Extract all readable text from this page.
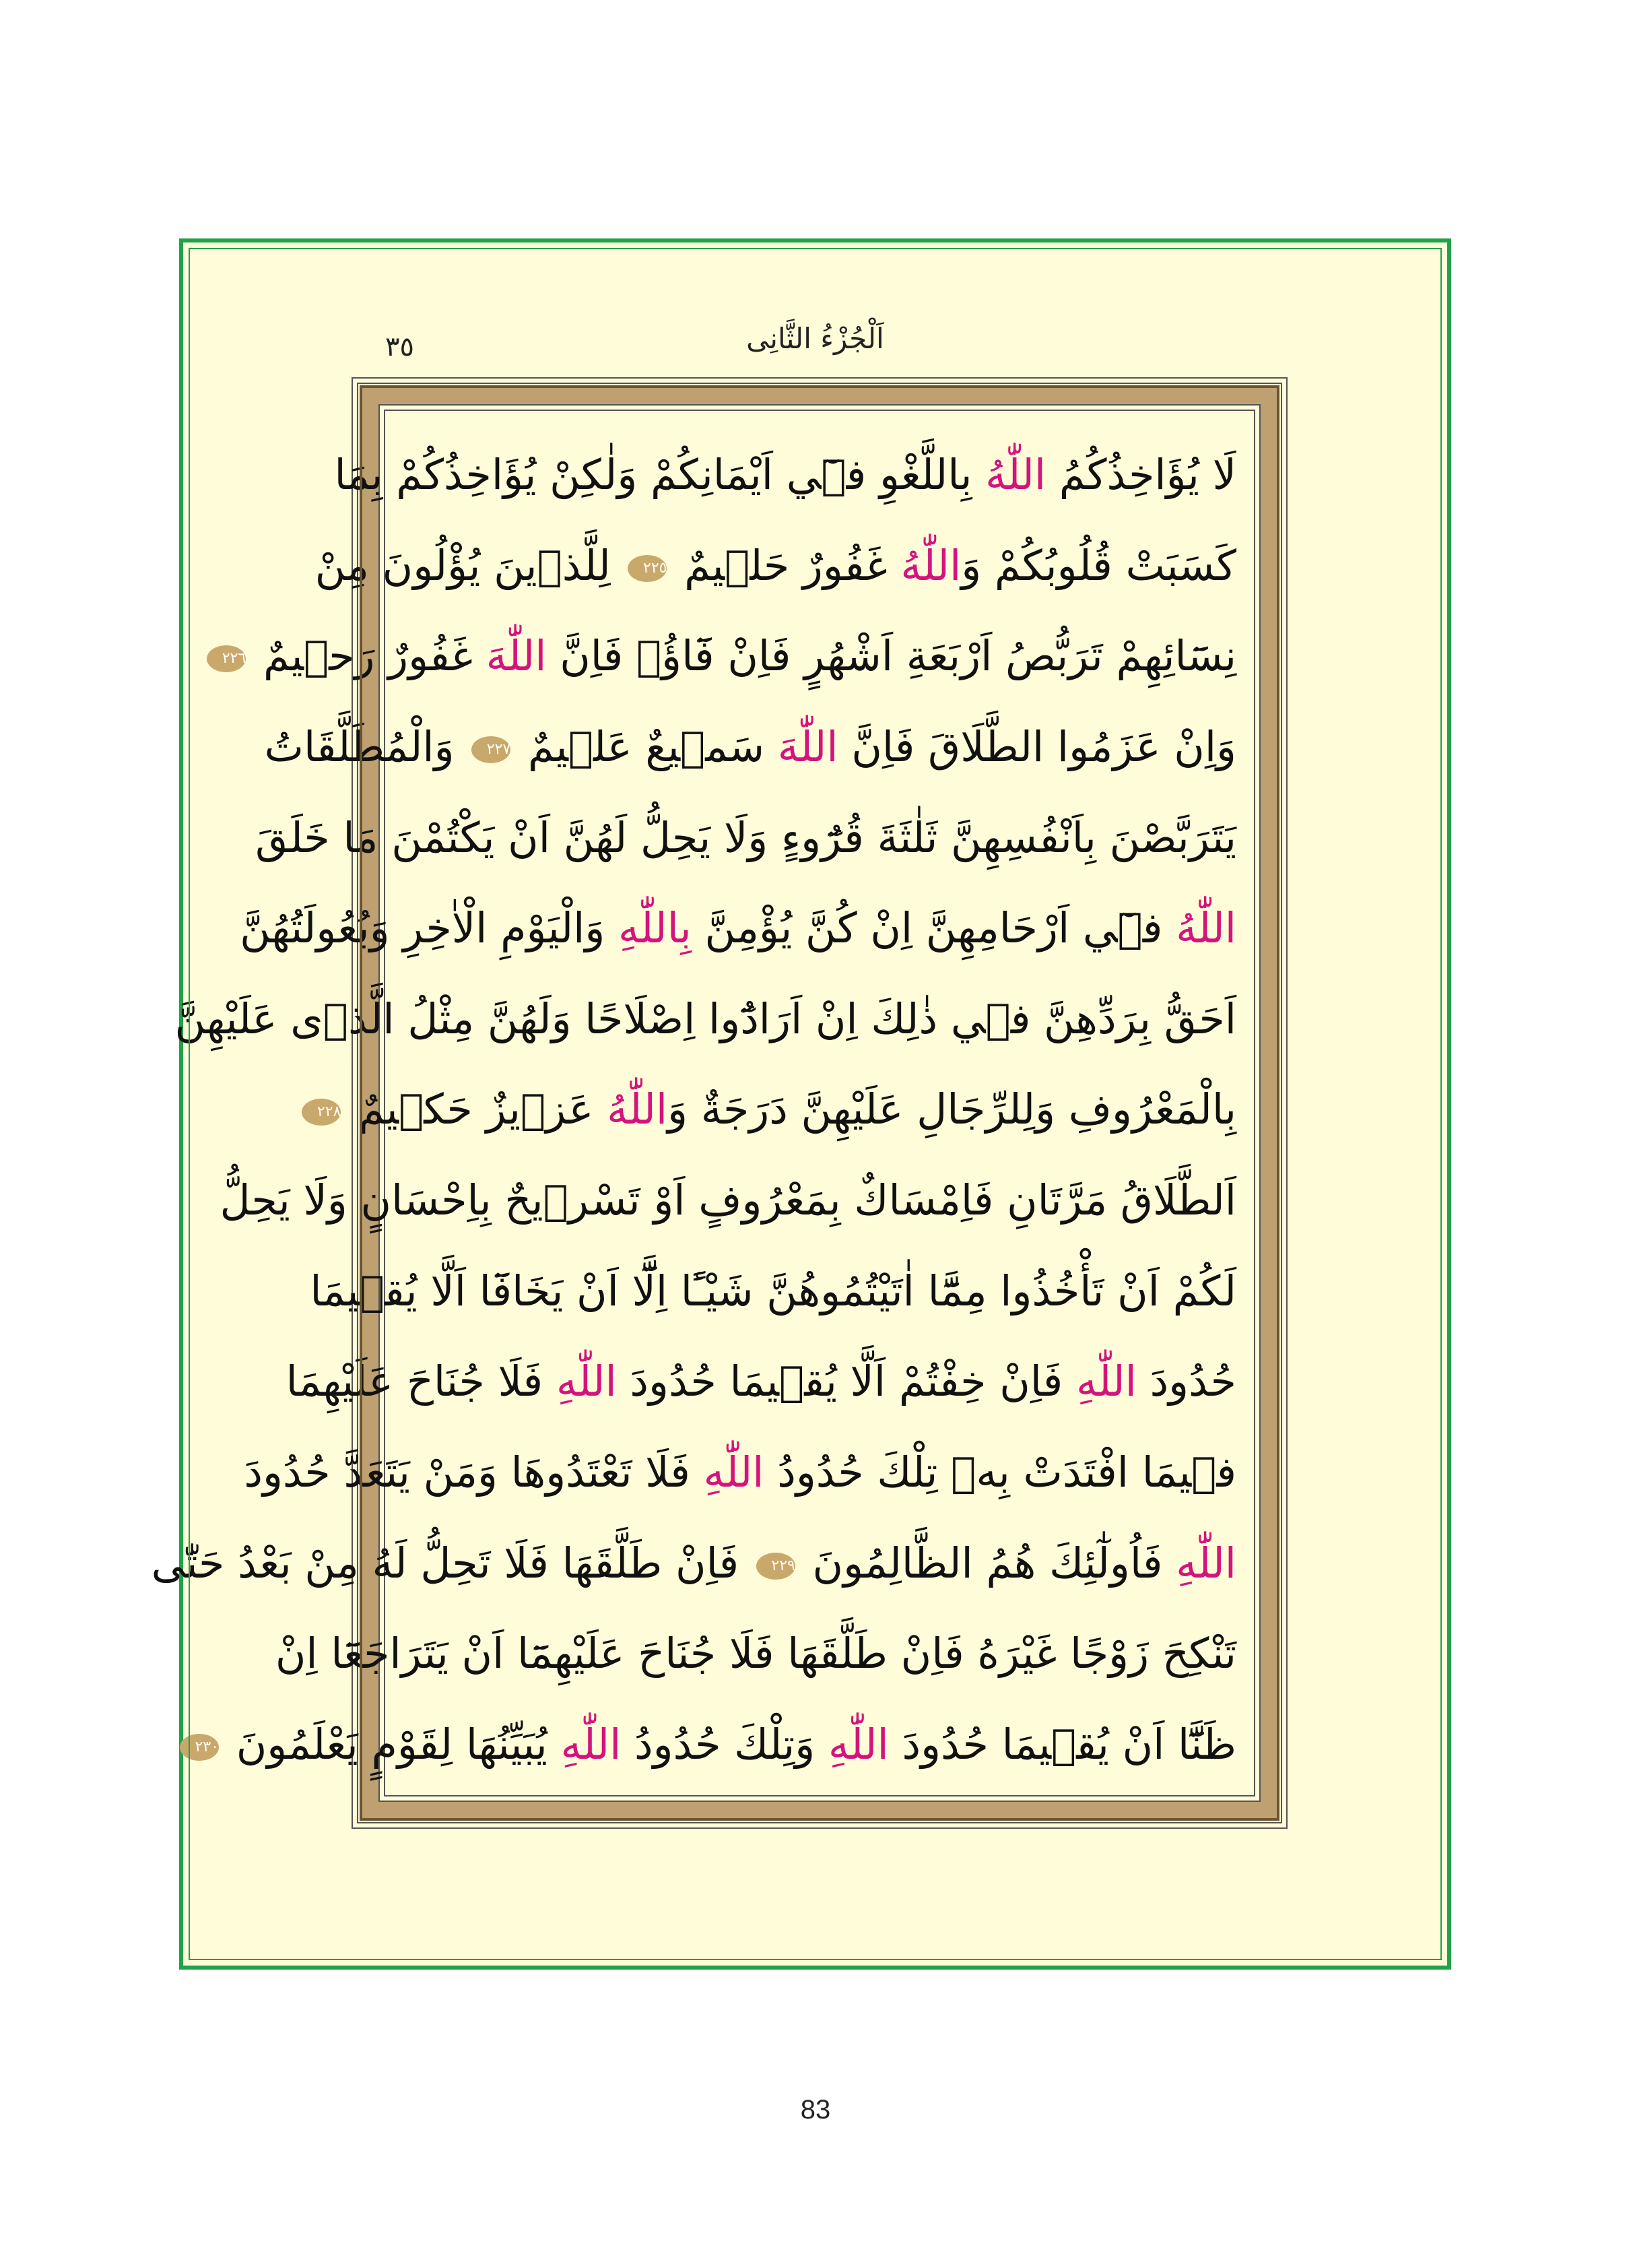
اَلْجُزْءُ الثَّانِى
٣٥
لَا يُؤَاخِذُكُمُ اللّٰهُ بِاللَّغْوِ فٖٓي اَيْمَانِكُمْ وَلٰكِنْ يُؤَاخِذُكُمْ بِمَا
كَسَبَتْ قُلُوبُكُمْ وَاللّٰهُ غَفُورٌ حَلٖيمٌ ٢٢٥ لِلَّذٖينَ يُؤْلُونَ مِنْ
نِسَٓائِهِمْ تَرَبُّصُ اَرْبَعَةِ اَشْهُرٍ فَاِنْ فَٓاؤُ۫ فَاِنَّ اللّٰهَ غَفُورٌ رَحٖيمٌ ٢٢٦
وَاِنْ عَزَمُوا الطَّلَاقَ فَاِنَّ اللّٰهَ سَمٖيعٌ عَلٖيمٌ ٢٢٧ وَالْمُطَلَّقَاتُ
يَتَرَبَّصْنَ بِاَنْفُسِهِنَّ ثَلٰثَةَ قُرُٓوءٍ وَلَا يَحِلُّ لَهُنَّ اَنْ يَكْتُمْنَ مَا خَلَقَ
اللّٰهُ فٖٓي اَرْحَامِهِنَّ اِنْ كُنَّ يُؤْمِنَّ بِاللّٰهِ وَالْيَوْمِ الْاٰخِرِ وَبُعُولَتُهُنَّ
اَحَقُّ بِرَدِّهِنَّ فٖي ذٰلِكَ اِنْ اَرَادُٓوا اِصْلَاحًا وَلَهُنَّ مِثْلُ الَّذٖى عَلَيْهِنَّ
بِالْمَعْرُوفِ وَلِلرِّجَالِ عَلَيْهِنَّ دَرَجَةٌ وَاللّٰهُ عَزٖيزٌ حَكٖيمٌ ٢٢٨
اَلطَّلَاقُ مَرَّتَانِ فَاِمْسَاكٌ بِمَعْرُوفٍ اَوْ تَسْرٖيحٌ بِاِحْسَانٍ وَلَا يَحِلُّ
لَكُمْ اَنْ تَأْخُذُوا مِمَّٓا اٰتَيْتُمُوهُنَّ شَيْـًٔا اِلَّٓا اَنْ يَخَافَٓا اَلَّا يُقٖيمَا
حُدُودَ اللّٰهِ فَاِنْ خِفْتُمْ اَلَّا يُقٖيمَا حُدُودَ اللّٰهِ فَلَا جُنَاحَ عَلَيْهِمَا
فٖيمَا افْتَدَتْ بِهٖ تِلْكَ حُدُودُ اللّٰهِ فَلَا تَعْتَدُوهَا وَمَنْ يَتَعَدَّ حُدُودَ
اللّٰهِ فَاُولٰٓئِكَ هُمُ الظَّالِمُونَ ٢٢٩ فَاِنْ طَلَّقَهَا فَلَا تَحِلُّ لَهُ مِنْ بَعْدُ حَتّٰى
تَنْكِحَ زَوْجًا غَيْرَهُ فَاِنْ طَلَّقَهَا فَلَا جُنَاحَ عَلَيْهِمَٓا اَنْ يَتَرَاجَعَٓا اِنْ
ظَنَّٓا اَنْ يُقٖيمَا حُدُودَ اللّٰهِ وَتِلْكَ حُدُودُ اللّٰهِ يُبَيِّنُهَا لِقَوْمٍ يَعْلَمُونَ ٢٣٠
83
